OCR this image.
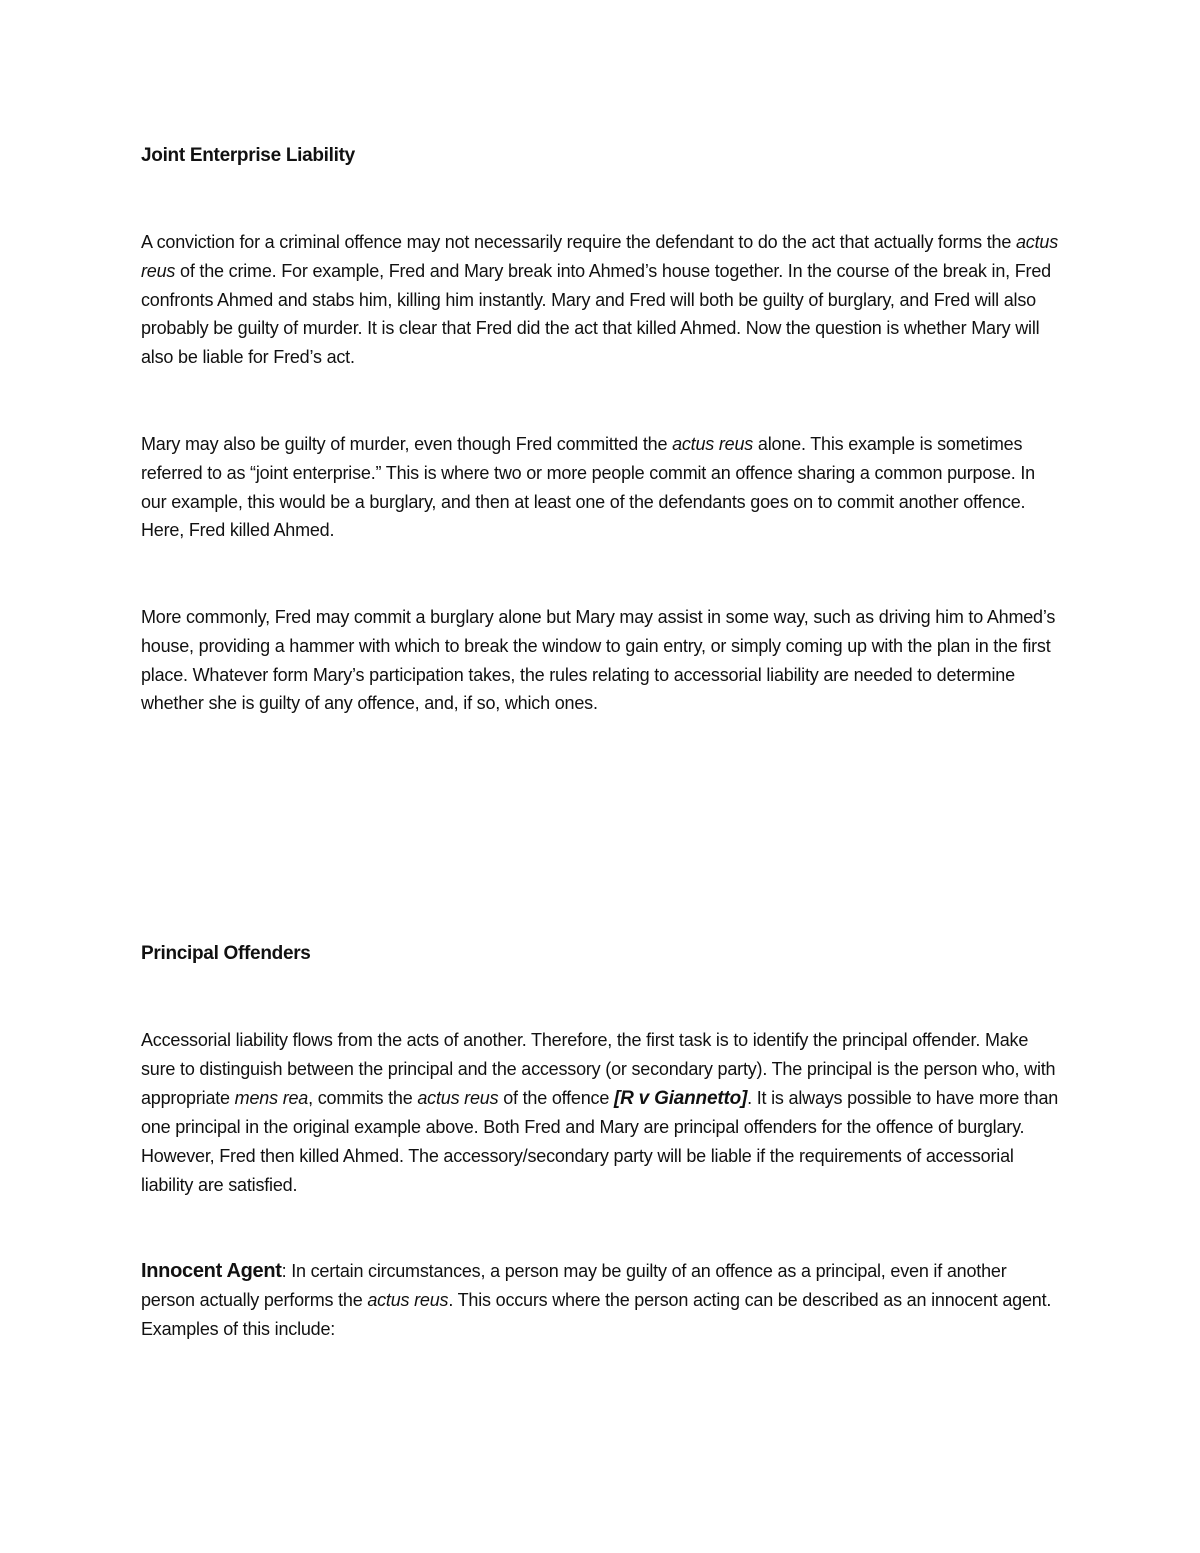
Joint Enterprise Liability

A conviction for a criminal offence may not necessarily require the defendant to do the act that actually forms the actus reus of the crime. For example, Fred and Mary break into Ahmed’s house together. In the course of the break in, Fred confronts Ahmed and stabs him, killing him instantly. Mary and Fred will both be guilty of burglary, and Fred will also probably be guilty of murder. It is clear that Fred did the act that killed Ahmed. Now the question is whether Mary will also be liable for Fred’s act.

Mary may also be guilty of murder, even though Fred committed the actus reus alone. This example is sometimes referred to as “joint enterprise.” This is where two or more people commit an offence sharing a common purpose. In our example, this would be a burglary, and then at least one of the defendants goes on to commit another offence. Here, Fred killed Ahmed.

More commonly, Fred may commit a burglary alone but Mary may assist in some way, such as driving him to Ahmed’s house, providing a hammer with which to break the window to gain entry, or simply coming up with the plan in the first place. Whatever form Mary’s participation takes, the rules relating to accessorial liability are needed to determine whether she is guilty of any offence, and, if so, which ones.

Principal Offenders

Accessorial liability flows from the acts of another. Therefore, the first task is to identify the principal offender. Make sure to distinguish between the principal and the accessory (or secondary party). The principal is the person who, with appropriate mens rea, commits the actus reus of the offence [R v Giannetto]. It is always possible to have more than one principal in the original example above. Both Fred and Mary are principal offenders for the offence of burglary. However, Fred then killed Ahmed. The accessory/secondary party will be liable if the requirements of accessorial liability are satisfied.

Innocent Agent: In certain circumstances, a person may be guilty of an offence as a principal, even if another person actually performs the actus reus. This occurs where the person acting can be described as an innocent agent. Examples of this include:
